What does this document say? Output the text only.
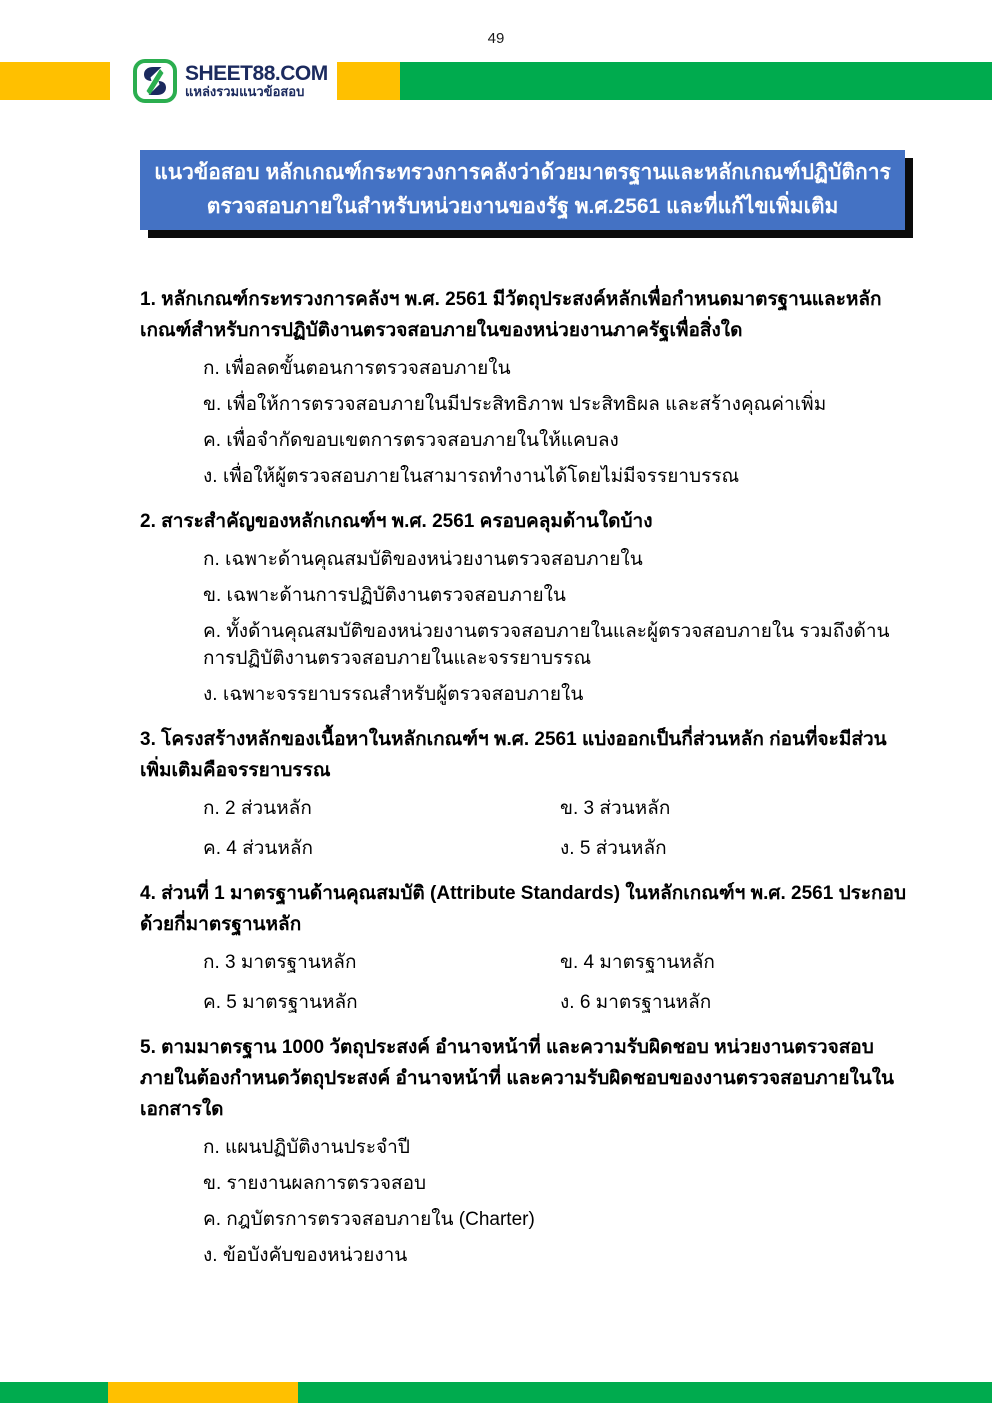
49
SHEET88.COM
แหล่งรวมแนวข้อสอบ
แนวข้อสอบ หลักเกณฑ์กระทรวงการคลังว่าด้วยมาตรฐานและหลักเกณฑ์ปฏิบัติการ
ตรวจสอบภายในสำหรับหน่วยงานของรัฐ พ.ศ.2561 และที่แก้ไขเพิ่มเติม

1. หลักเกณฑ์กระทรวงการคลังฯ พ.ศ. 2561 มีวัตถุประสงค์หลักเพื่อกำหนดมาตรฐานและหลักเกณฑ์สำหรับการปฏิบัติงานตรวจสอบภายในของหน่วยงานภาครัฐเพื่อสิ่งใด

ก. เพื่อลดขั้นตอนการตรวจสอบภายใน

ข. เพื่อให้การตรวจสอบภายในมีประสิทธิภาพ ประสิทธิผล และสร้างคุณค่าเพิ่ม

ค. เพื่อจำกัดขอบเขตการตรวจสอบภายในให้แคบลง

ง. เพื่อให้ผู้ตรวจสอบภายในสามารถทำงานได้โดยไม่มีจรรยาบรรณ

2. สาระสำคัญของหลักเกณฑ์ฯ พ.ศ. 2561 ครอบคลุมด้านใดบ้าง

ก. เฉพาะด้านคุณสมบัติของหน่วยงานตรวจสอบภายใน

ข. เฉพาะด้านการปฏิบัติงานตรวจสอบภายใน

ค. ทั้งด้านคุณสมบัติของหน่วยงานตรวจสอบภายในและผู้ตรวจสอบภายใน รวมถึงด้านการปฏิบัติงานตรวจสอบภายในและจรรยาบรรณ

ง. เฉพาะจรรยาบรรณสำหรับผู้ตรวจสอบภายใน

3. โครงสร้างหลักของเนื้อหาในหลักเกณฑ์ฯ พ.ศ. 2561 แบ่งออกเป็นกี่ส่วนหลัก ก่อนที่จะมีส่วนเพิ่มเติมคือจรรยาบรรณ

ก. 2 ส่วนหลัก	ข. 3 ส่วนหลัก

ค. 4 ส่วนหลัก	ง. 5 ส่วนหลัก

4. ส่วนที่ 1 มาตรฐานด้านคุณสมบัติ (Attribute Standards) ในหลักเกณฑ์ฯ พ.ศ. 2561 ประกอบด้วยกี่มาตรฐานหลัก

ก. 3 มาตรฐานหลัก	ข. 4 มาตรฐานหลัก

ค. 5 มาตรฐานหลัก	ง. 6 มาตรฐานหลัก

5. ตามมาตรฐาน 1000 วัตถุประสงค์ อำนาจหน้าที่ และความรับผิดชอบ หน่วยงานตรวจสอบภายในต้องกำหนดวัตถุประสงค์ อำนาจหน้าที่ และความรับผิดชอบของงานตรวจสอบภายในในเอกสารใด

ก. แผนปฏิบัติงานประจำปี

ข. รายงานผลการตรวจสอบ

ค. กฎบัตรการตรวจสอบภายใน (Charter)

ง. ข้อบังคับของหน่วยงาน
